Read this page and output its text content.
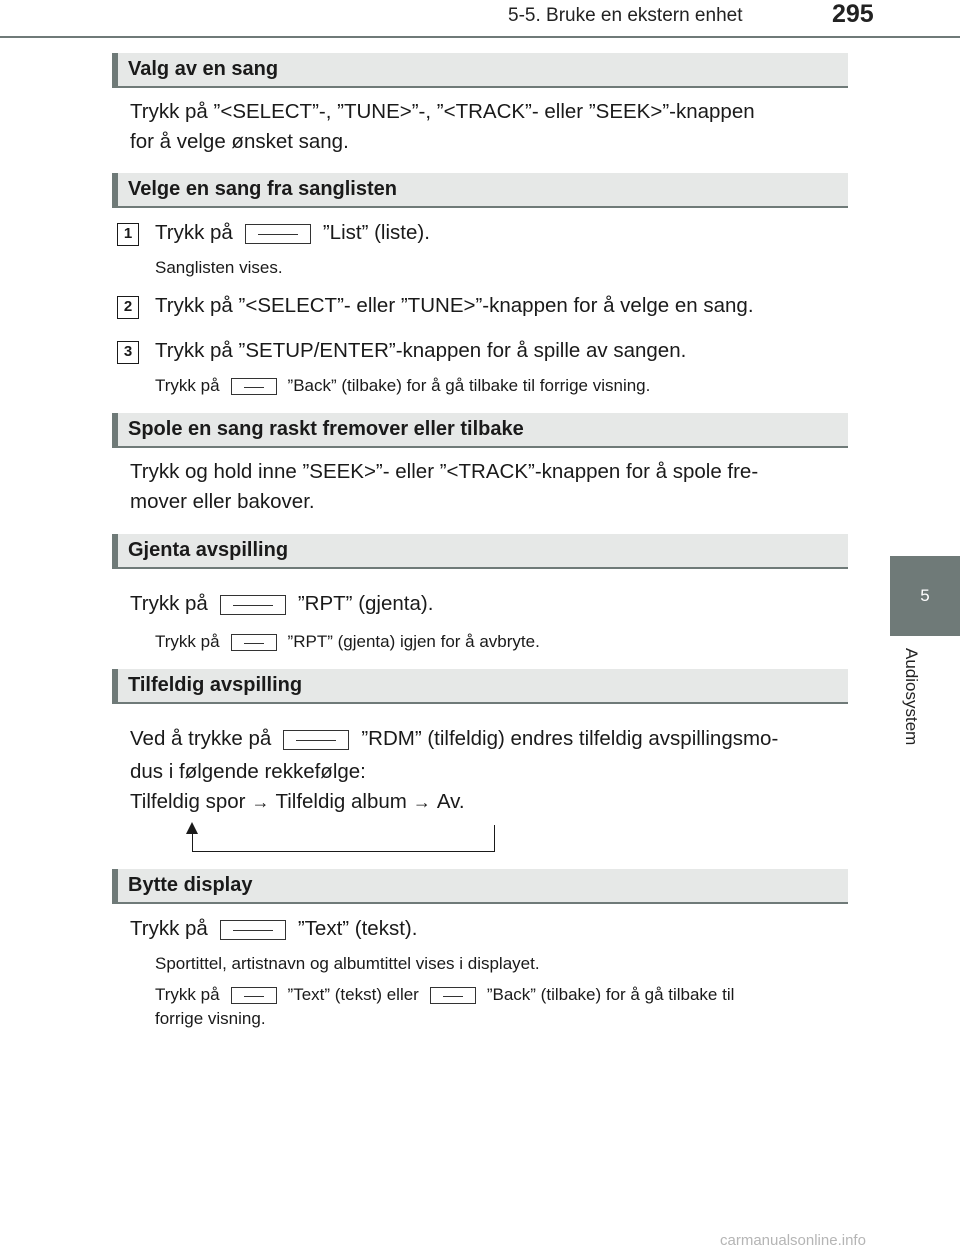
5-5. Bruke en ekstern enhet	295
5
Audiosystem
Valg av en sang
Trykk på ”<SELECT”-, ”TUNE>”-, ”<TRACK”- eller ”SEEK>”-knappen
for å velge ønsket sang.
Velge en sang fra sanglisten
1	Trykk på	”List” (liste).
Sanglisten vises.
2	Trykk på ”<SELECT”- eller ”TUNE>”-knappen for å velge en sang.
3	Trykk på ”SETUP/ENTER”-knappen for å spille av sangen.
Trykk på	”Back” (tilbake) for å gå tilbake til forrige visning.
Spole en sang raskt fremover eller tilbake
Trykk og hold inne ”SEEK>”- eller ”<TRACK”-knappen for å spole fre-
mover eller bakover.
Gjenta avspilling
Trykk på	”RPT” (gjenta).
Trykk på	”RPT” (gjenta) igjen for å avbryte.
Tilfeldig avspilling
Ved å trykke på	”RDM” (tilfeldig) endres tilfeldig avspillingsmo-
dus i følgende rekkefølge:
Tilfeldig spor → Tilfeldig album → Av.
Bytte display
Trykk på	”Text” (tekst).
Sportittel, artistnavn og albumtittel vises i displayet.
Trykk på	”Text” (tekst) eller	”Back” (tilbake) for å gå tilbake til
forrige visning.
carmanualsonline.info
